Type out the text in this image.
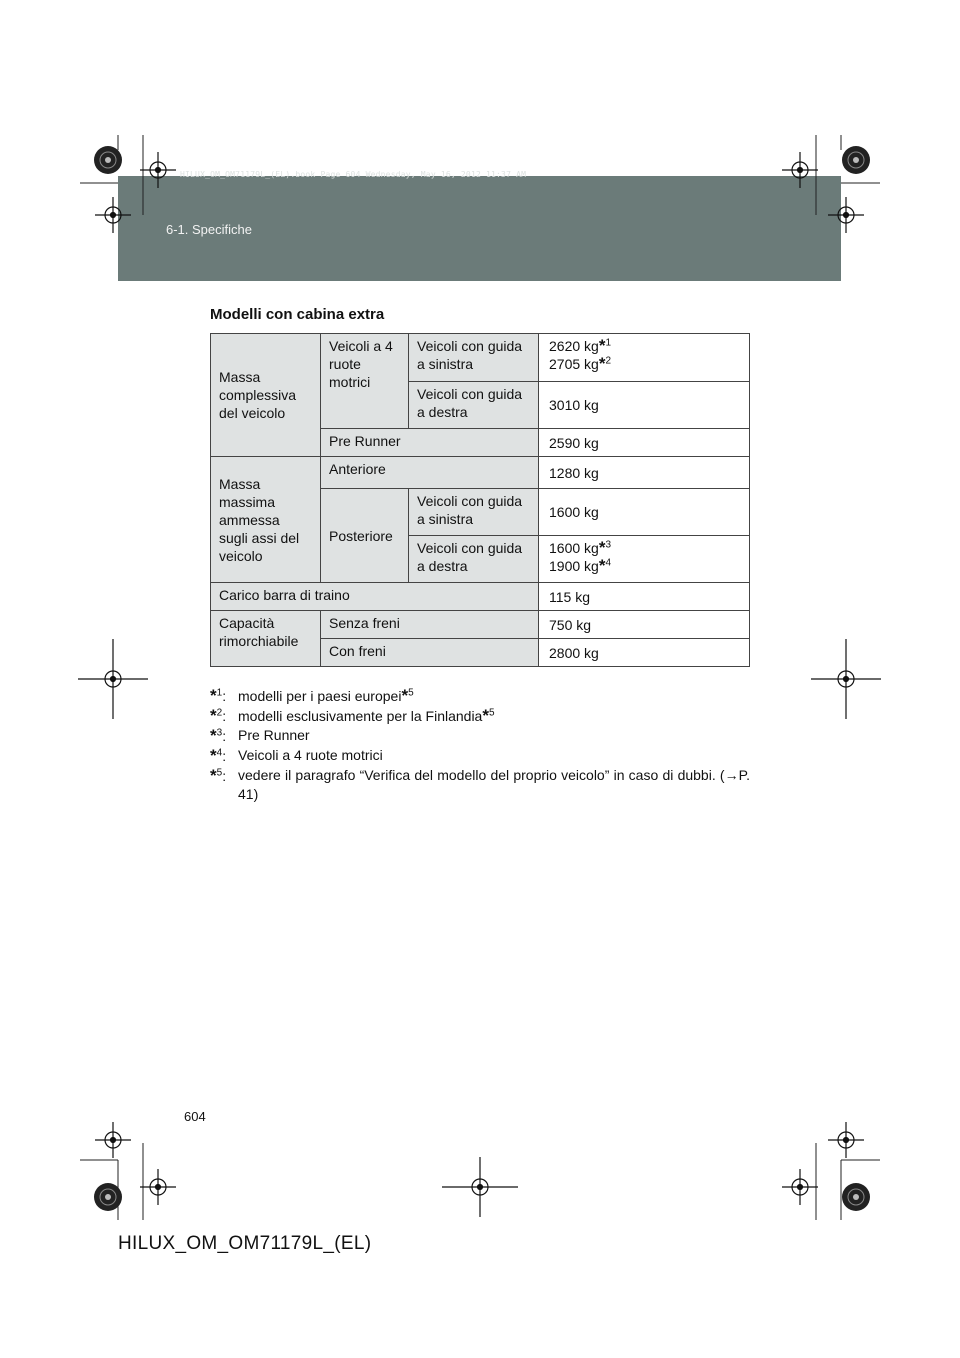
HILUX_OM_OM71179L_(EL).book Page 604 Wednesday, May 16, 2012 11:37 AM
6-1. Specifiche
Modelli con cabina extra
Massa complessiva del veicolo	Veicoli a 4 ruote motrici	Veicoli con guida a sinistra	2620 kg*$^1$
2705 kg*$^2$
		Veicoli con guida a destra	3010 kg
	Pre Runner		2590 kg
Massa massima ammessa sugli assi del veicolo	Anteriore		1280 kg
	Posteriore	Veicoli con guida a sinistra	1600 kg
		Veicoli con guida a destra	1600 kg*$^3$
1900 kg*$^4$
Carico barra di traino			115 kg
Capacità rimorchiabile	Senza freni		750 kg
	Con freni		2800 kg
*$^1$: modelli per i paesi europei*$^5$
*$^2$: modelli esclusivamente per la Finlandia*$^5$
*$^3$: Pre Runner
*$^4$: Veicoli a 4 ruote motrici
*$^5$: vedere il paragrafo “Verifica del modello del proprio veicolo” in caso di dubbi. (→P. 41)
604
HILUX_OM_OM71179L_(EL)
